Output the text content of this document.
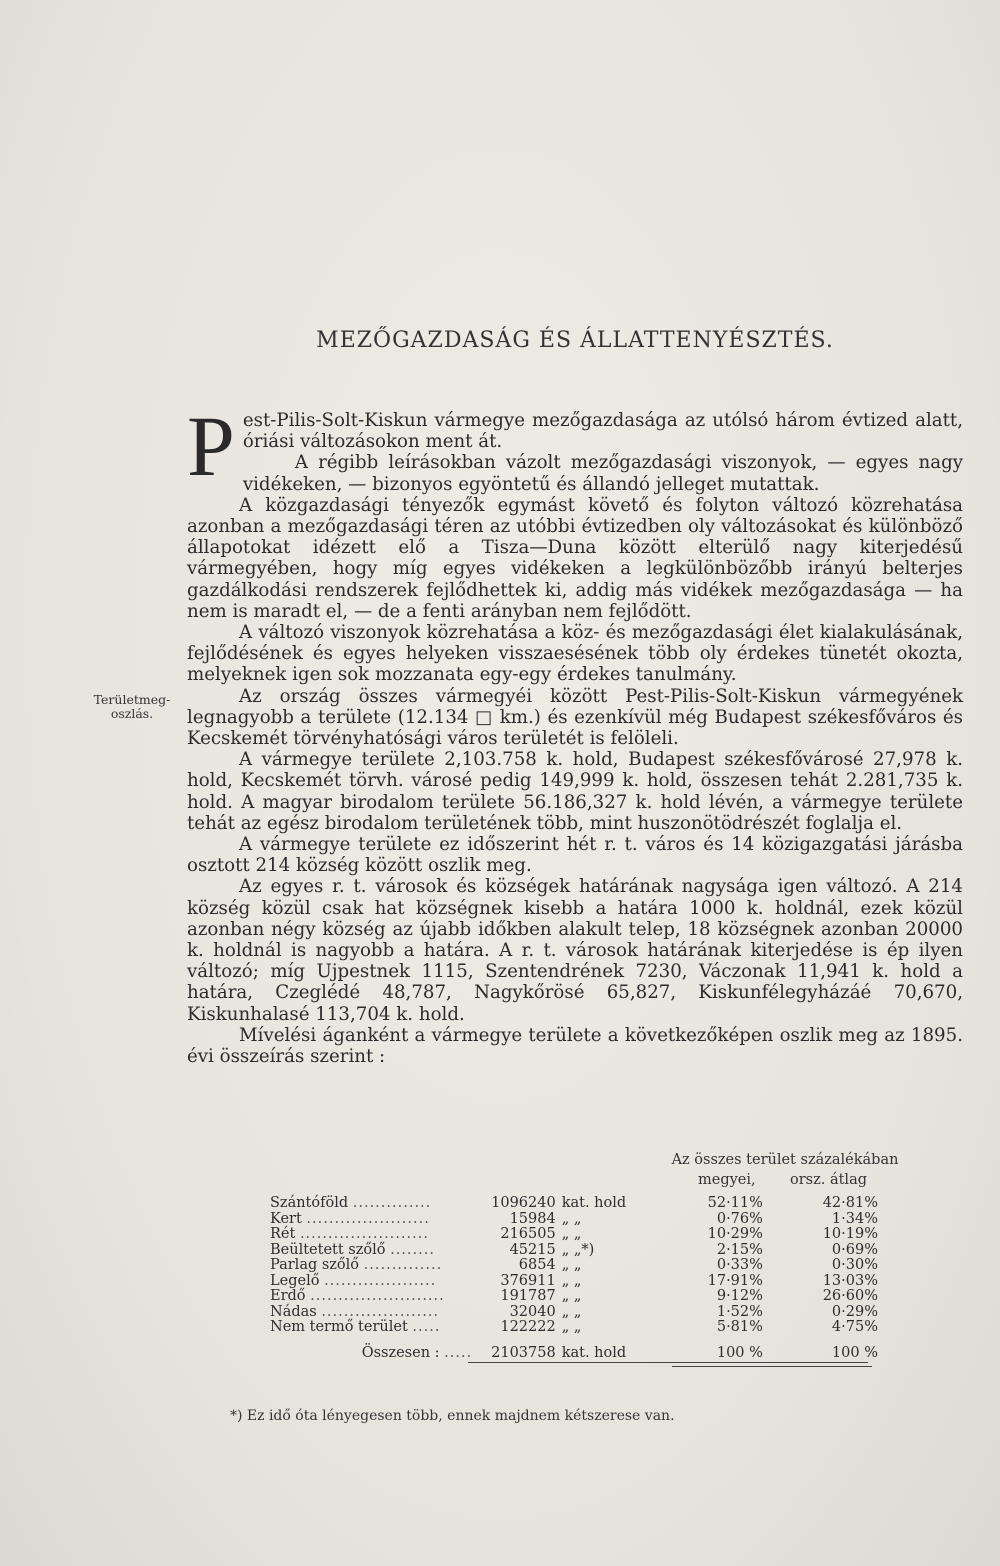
MEZŐGAZDASÁG ÉS ÁLLATTENYÉSZTÉS.

Pest-Pilis-Solt-Kiskun vármegye mezőgazdasága az utólsó három évtized alatt, óriási változásokon ment át.

A régibb leírásokban vázolt mezőgazdasági viszonyok, — egyes nagy vidékeken, — bizonyos egyöntetű és állandó jelleget mutattak.

A közgazdasági tényezők egymást követő és folyton változó közrehatása azonban a mezőgazdasági téren az utóbbi évtizedben oly változásokat és különböző állapotokat idézett elő a Tisza—Duna között elterülő nagy kiterjedésű vármegyében, hogy míg egyes vidékeken a legkülönbözőbb irányú belterjes gazdálkodási rendszerek fejlődhettek ki, addig más vidékek mezőgazdasága — ha nem is maradt el, — de a fenti arányban nem fejlődött.

A változó viszonyok közrehatása a köz- és mezőgazdasági élet kialakulásának, fejlődésének és egyes helyeken visszaesésének több oly érdekes tünetét okozta, melyeknek igen sok mozzanata egy-egy érdekes tanulmány.

Az ország összes vármegyéi között Pest-Pilis-Solt-Kiskun vármegyének legnagyobb a területe (12.134 □ km.) és ezenkívül még Budapest székesfőváros és Kecskemét törvényhatósági város területét is felöleli.

A vármegye területe 2,103.758 k. hold, Budapest székesfővárosé 27,978 k. hold, Kecskemét törvh. városé pedig 149,999 k. hold, összesen tehát 2.281,735 k. hold. A magyar birodalom területe 56.186,327 k. hold lévén, a vármegye területe tehát az egész birodalom területének több, mint huszonötödrészét foglalja el.

A vármegye területe ez időszerint hét r. t. város és 14 közigazgatási járásba osztott 214 község között oszlik meg.

Az egyes r. t. városok és községek határának nagysága igen változó. A 214 község közül csak hat községnek kisebb a határa 1000 k. holdnál, ezek közül azonban négy község az újabb időkben alakult telep, 18 községnek azonban 20000 k. holdnál is nagyobb a határa. A r. t. városok határának kiterjedése is ép ilyen változó; míg Ujpestnek 1115, Szentendrének 7230, Váczonak 11,941 k. hold a határa, Czeglédé 48,787, Nagykőrösé 65,827, Kiskunfélegyházáé 70,670, Kiskunhalasé 113,704 k. hold.

Mívelési áganként a vármegye területe a következőképen oszlik meg az 1895. évi összeírás szerint :

Területmeg-oszlás.
Az összes terület százalékában
megyei, orsz. átlag
Szántóföld ..............	1096240	kat. hold	52·11%	42·81%
Kert ......................	15984	„ „	0·76%	1·34%
Rét .......................	216505	„ „	10·29%	10·19%
Beültetett szőlő ........	45215	„ „*)	2·15%	0·69%
Parlag szőlő ..............	6854	„ „	0·33%	0·30%
Legelő ....................	376911	„ „	17·91%	13·03%
Erdő ........................	191787	„ „	9·12%	26·60%
Nádas .....................	32040	„ „	1·52%	0·29%
Nem termő terület .....	122222	„ „	5·81%	4·75%
Összesen : .....	2103758	kat. hold	100 %	100 %
*) Ez idő óta lényegesen több, ennek majdnem kétszerese van.
